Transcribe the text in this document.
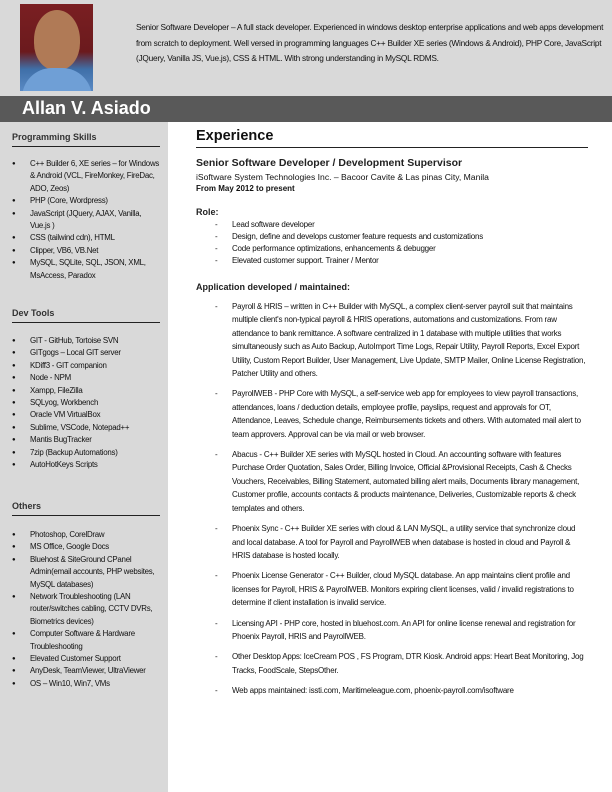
Senior Software Developer – A full stack developer. Experienced in windows desktop enterprise applications and web apps development from scratch to deployment. Well versed in programming languages C++ Builder XE series (Windows & Android), PHP Core, JavaScript (JQuery, Vanilla JS, Vue.js), CSS & HTML. With strong understanding in MySQL RDMS.

Allan V. Asiado
Programming Skills
● C++ Builder 6, XE series – for Windows & Android (VCL, FireMonkey, FireDac, ADO, Zeos)
● PHP (Core, Wordpress)
● JavaScript (JQuery, AJAX, Vanilla, Vue.js )
● CSS (tailwind cdn), HTML
● Clipper, VB6, VB.Net
● MySQL, SQLite, SQL, JSON, XML, MsAccess, Paradox
Dev Tools
● GIT - GitHub, Tortoise SVN
● GITgogs – Local GIT server
● KDiff3 - GIT companion
● Node - NPM
● Xampp, FileZilla
● SQLyog, Workbench
● Oracle VM VirtualBox
● Sublime, VSCode, Notepad++
● Mantis BugTracker
● 7zip (Backup Automations)
● AutoHotKeys Scripts
Others
● Photoshop, CorelDraw
● MS Office, Google Docs
● Bluehost & SiteGround CPanel Admin(email accounts, PHP websites, MySQL databases)
● Network Troubleshooting (LAN router/switches cabling, CCTV DVRs, Biometrics devices)
● Computer Software & Hardware Troubleshooting
● Elevated Customer Support
● AnyDesk, TeamViewer, UltraViewer
● OS – Win10, Win7, VMs
Experience
Senior Software Developer / Development Supervisor
iSoftware System Technologies Inc. – Bacoor Cavite & Las pinas City, Manila
From May 2012 to present
Role:
- Lead software developer
- Design, define and develops customer feature requests and customizations
- Code performance optimizations, enhancements & debugger
- Elevated customer support. Trainer / Mentor
Application developed / maintained:
- Payroll & HRIS – written in C++ Builder with MySQL, a complex client-server payroll suit that maintains multiple client's non-typical payroll & HRIS operations, automations and customizations. From raw attendance to bank remittance. A software centralized in 1 database with multiple utilities that works simultaneously such as Auto Backup, AutoImport Time Logs, Repair Utility, Payroll Reports, Excel Export Utility, Custom Report Builder, User Management, Live Update, SMTP Mailer, Online License Registration, Patcher Utility and others.
- PayrollWEB - PHP Core with MySQL, a self-service web app for employees to view payroll transactions, attendances, loans / deduction details, employee profile, payslips, request and approvals for OT, Attendance, Leaves, Schedule change, Reimbursements tickets and others. With automated mail alert to team approvers. Approval can be via mail or web browser.
- Abacus - C++ Builder XE series with MySQL hosted in Cloud. An accounting software with features Purchase Order Quotation, Sales Order, Billing Invoice, Official &Provisional Receipts, Cash & Checks Vouchers, Receivables, Billing Statement, automated billing alert mails, Documents library management, Customer profile, accounts contacts & products maintenance, Deliveries, Customizable reports & check templates and others.
- Phoenix Sync - C++ Builder XE series with cloud & LAN MySQL, a utility service that synchronize cloud and local database. A tool for Payroll and PayrollWEB when database is hosted in cloud and Payroll & HRIS database is hosted locally.
- Phoenix License Generator - C++ Builder, cloud MySQL database. An app maintains client profile and licenses for Payroll, HRIS & PayrollWEB. Monitors expiring client licenses, valid / invalid registrations to determine if client installation is invalid service.
- Licensing API - PHP core, hosted in bluehost.com. An API for online license renewal and registration for Phoenix Payroll, HRIS and PayrollWEB.
- Other Desktop Apps: IceCream POS , FS Program, DTR Kiosk. Android apps: Heart Beat Monitoring, Jog Tracks, FoodScale, StepsOther.
- Web apps maintained: issti.com, Maritimeleague.com, phoenix-payroll.com/isoftware
